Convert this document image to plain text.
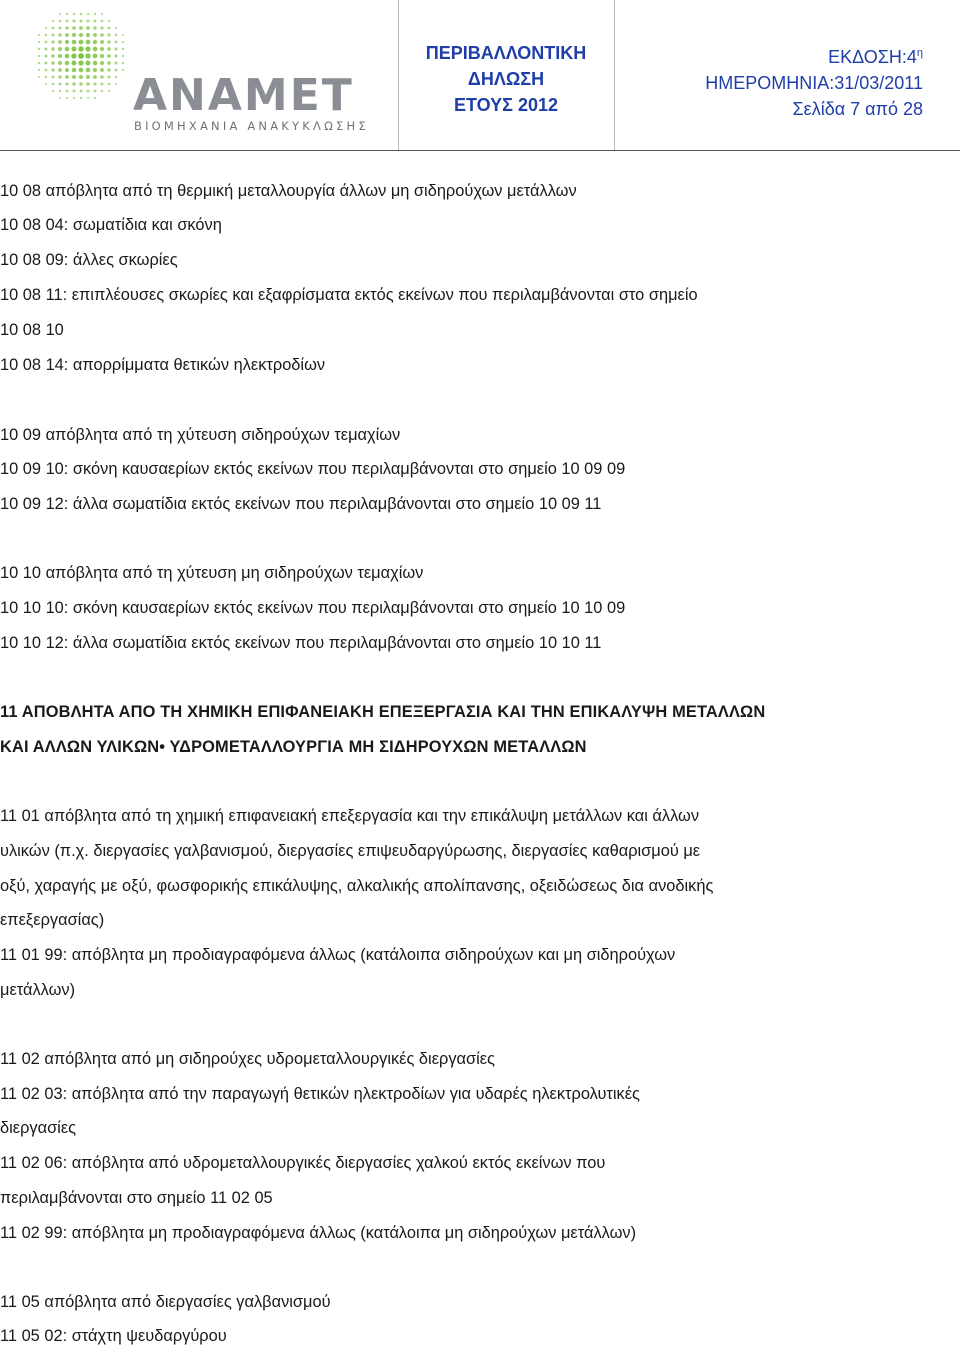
ANAMET
ΒΙΟΜΗΧΑΝΙΑ ΑΝΑΚΥΚΛΩΣΗΣ
ΠΕΡΙΒΑΛΛΟΝΤΙΚΗ
ΔΗΛΩΣΗ
ΕΤΟΥΣ 2012
$EK\Delta O\Sigma H:4^\eta$
ΗΜΕΡΟΜΗΝΙΑ:31/03/2011
Σελίδα 7 από 28
10 08 απόβλητα από τη θερμική μεταλλουργία άλλων μη σιδηρούχων μετάλλων
10 08 04: σωματίδια και σκόνη
10 08 09: άλλες σκωρίες
10 08 11: επιπλέουσες σκωρίες και εξαφρίσματα εκτός εκείνων που περιλαμβάνονται στο σημείο
10 08 10
10 08 14: απορρίμματα θετικών ηλεκτροδίων
10 09 απόβλητα από τη χύτευση σιδηρούχων τεμαχίων
10 09 10: σκόνη καυσαερίων εκτός εκείνων που περιλαμβάνονται στο σημείο 10 09 09
10 09 12: άλλα σωματίδια εκτός εκείνων που περιλαμβάνονται στο σημείο 10 09 11
10 10 απόβλητα από τη χύτευση μη σιδηρούχων τεμαχίων
10 10 10: σκόνη καυσαερίων εκτός εκείνων που περιλαμβάνονται στο σημείο 10 10 09
10 10 12: άλλα σωματίδια εκτός εκείνων που περιλαμβάνονται στο σημείο 10 10 11
11 ΑΠΟΒΛΗΤΑ ΑΠΟ ΤΗ ΧΗΜΙΚΗ ΕΠΙΦΑΝΕΙΑΚΗ ΕΠΕΞΕΡΓΑΣΙΑ ΚΑΙ ΤΗΝ ΕΠΙΚΑΛΥΨΗ ΜΕΤΑΛΛΩΝ
ΚΑΙ ΑΛΛΩΝ ΥΛΙΚΩΝ• ΥΔΡΟΜΕΤΑΛΛΟΥΡΓΙΑ ΜΗ ΣΙΔΗΡΟΥΧΩΝ ΜΕΤΑΛΛΩΝ
11 01 απόβλητα από τη χημική επιφανειακή επεξεργασία και την επικάλυψη μετάλλων και άλλων
υλικών (π.χ. διεργασίες γαλβανισμού, διεργασίες επιψευδαργύρωσης, διεργασίες καθαρισμού με
οξύ, χαραγής με οξύ, φωσφορικής επικάλυψης, αλκαλικής απολίπανσης, οξειδώσεως δια ανοδικής
επεξεργασίας)
11 01 99: απόβλητα μη προδιαγραφόμενα άλλως (κατάλοιπα σιδηρούχων και μη σιδηρούχων
μετάλλων)
11 02 απόβλητα από μη σιδηρούχες υδρομεταλλουργικές διεργασίες
11 02 03: απόβλητα από την παραγωγή θετικών ηλεκτροδίων για υδαρές ηλεκτρολυτικές
διεργασίες
11 02 06: απόβλητα από υδρομεταλλουργικές διεργασίες χαλκού εκτός εκείνων που
περιλαμβάνονται στο σημείο 11 02 05
11 02 99: απόβλητα μη προδιαγραφόμενα άλλως (κατάλοιπα μη σιδηρούχων μετάλλων)
11 05 απόβλητα από διεργασίες γαλβανισμού
11 05 02: στάχτη ψευδαργύρου
